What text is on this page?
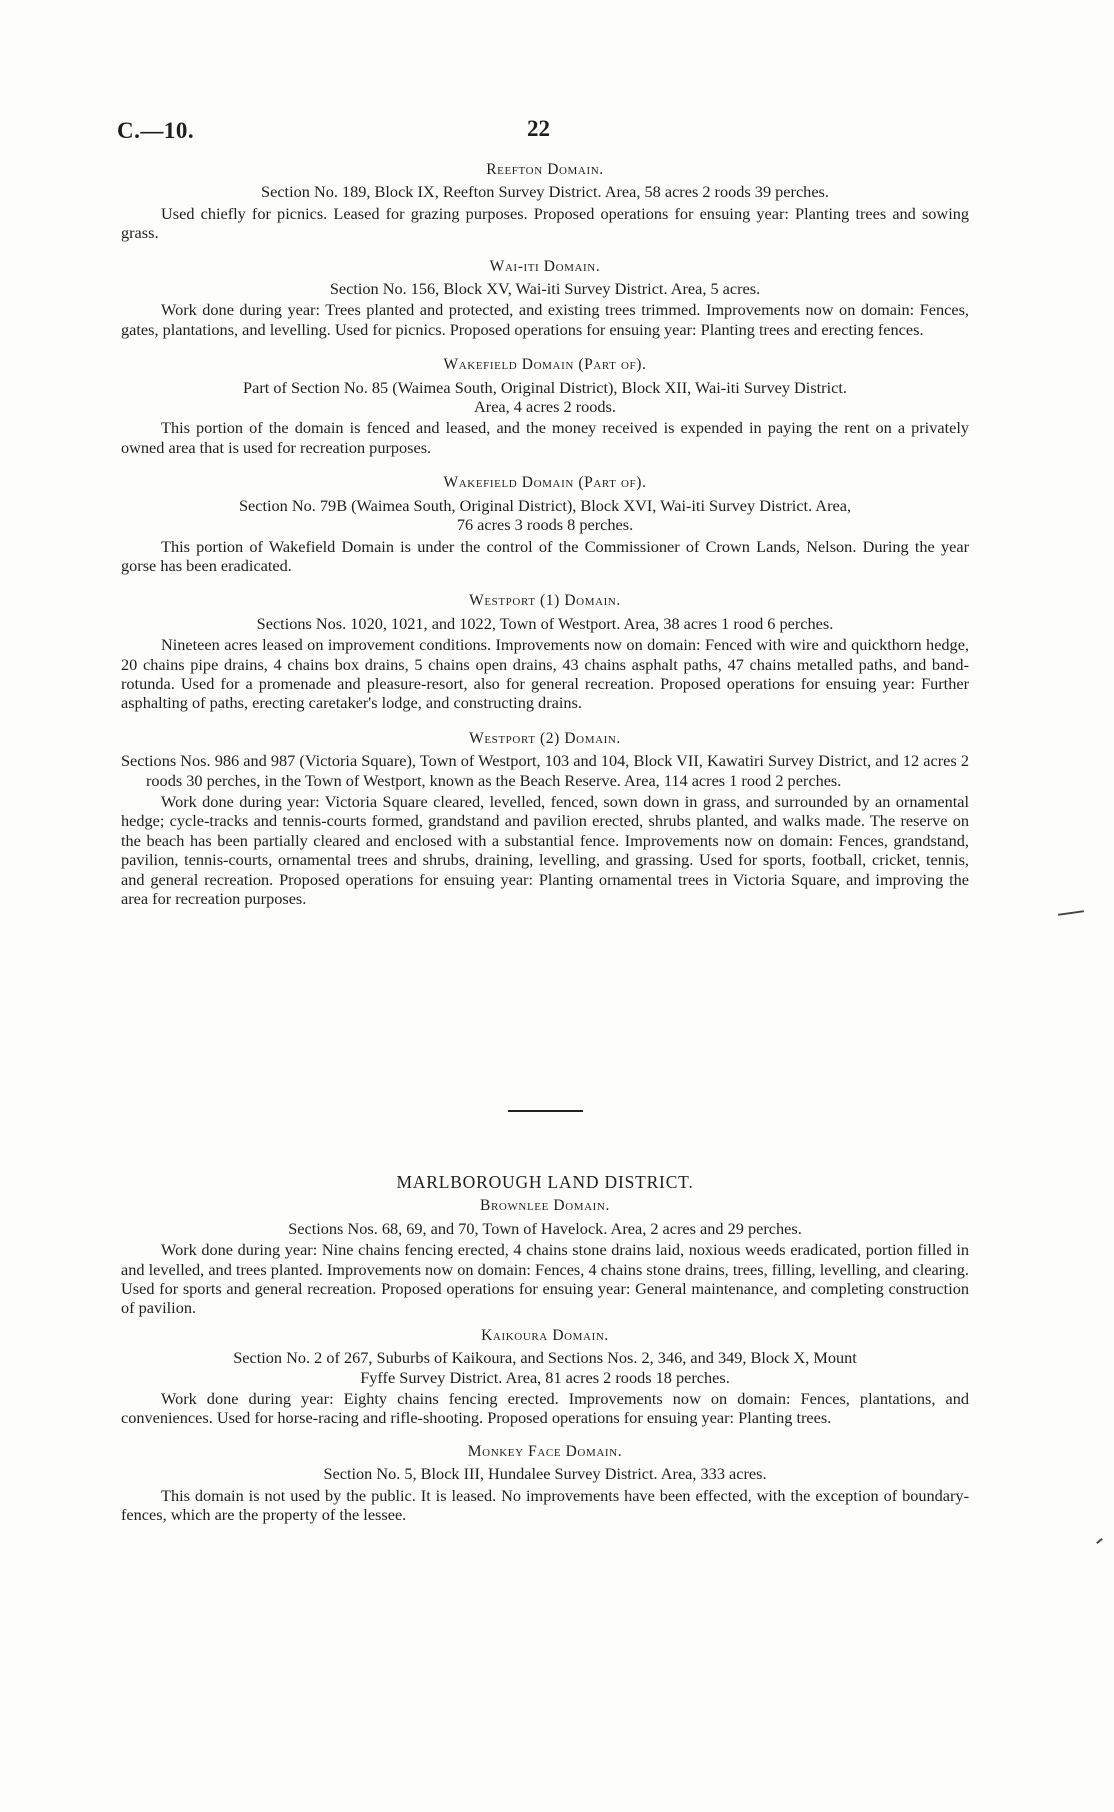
C.—10.	22
Reefton Domain.
Section No. 189, Block IX, Reefton Survey District. Area, 58 acres 2 roods 39 perches.
Used chiefly for picnics. Leased for grazing purposes. Proposed operations for ensuing year: Planting trees and sowing grass.
Wai-iti Domain.
Section No. 156, Block XV, Wai-iti Survey District. Area, 5 acres.
Work done during year: Trees planted and protected, and existing trees trimmed. Improvements now on domain: Fences, gates, plantations, and levelling. Used for picnics. Proposed operations for ensuing year: Planting trees and erecting fences.
Wakefield Domain (Part of).
Part of Section No. 85 (Waimea South, Original District), Block XII, Wai-iti Survey District.
Area, 4 acres 2 roods.
This portion of the domain is fenced and leased, and the money received is expended in paying the rent on a privately owned area that is used for recreation purposes.
Wakefield Domain (Part of).
Section No. 79B (Waimea South, Original District), Block XVI, Wai-iti Survey District. Area,
76 acres 3 roods 8 perches.
This portion of Wakefield Domain is under the control of the Commissioner of Crown Lands, Nelson. During the year gorse has been eradicated.
Westport (1) Domain.
Sections Nos. 1020, 1021, and 1022, Town of Westport. Area, 38 acres 1 rood 6 perches.
Nineteen acres leased on improvement conditions. Improvements now on domain: Fenced with wire and quickthorn hedge, 20 chains pipe drains, 4 chains box drains, 5 chains open drains, 43 chains asphalt paths, 47 chains metalled paths, and band-rotunda. Used for a promenade and pleasure-resort, also for general recreation. Proposed operations for ensuing year: Further asphalting of paths, erecting caretaker's lodge, and constructing drains.
Westport (2) Domain.
Sections Nos. 986 and 987 (Victoria Square), Town of Westport, 103 and 104, Block VII, Kawatiri Survey District, and 12 acres 2 roods 30 perches, in the Town of Westport, known as the Beach Reserve. Area, 114 acres 1 rood 2 perches.
Work done during year: Victoria Square cleared, levelled, fenced, sown down in grass, and surrounded by an ornamental hedge; cycle-tracks and tennis-courts formed, grandstand and pavilion erected, shrubs planted, and walks made. The reserve on the beach has been partially cleared and enclosed with a substantial fence. Improvements now on domain: Fences, grandstand, pavilion, tennis-courts, ornamental trees and shrubs, draining, levelling, and grassing. Used for sports, football, cricket, tennis, and general recreation. Proposed operations for ensuing year: Planting ornamental trees in Victoria Square, and improving the area for recreation purposes.
MARLBOROUGH LAND DISTRICT.
Brownlee Domain.
Sections Nos. 68, 69, and 70, Town of Havelock. Area, 2 acres and 29 perches.
Work done during year: Nine chains fencing erected, 4 chains stone drains laid, noxious weeds eradicated, portion filled in and levelled, and trees planted. Improvements now on domain: Fences, 4 chains stone drains, trees, filling, levelling, and clearing. Used for sports and general recreation. Proposed operations for ensuing year: General maintenance, and completing construction of pavilion.
Kaikoura Domain.
Section No. 2 of 267, Suburbs of Kaikoura, and Sections Nos. 2, 346, and 349, Block X, Mount
Fyffe Survey District. Area, 81 acres 2 roods 18 perches.
Work done during year: Eighty chains fencing erected. Improvements now on domain: Fences, plantations, and conveniences. Used for horse-racing and rifle-shooting. Proposed operations for ensuing year: Planting trees.
Monkey Face Domain.
Section No. 5, Block III, Hundalee Survey District. Area, 333 acres.
This domain is not used by the public. It is leased. No improvements have been effected, with the exception of boundary-fences, which are the property of the lessee.
